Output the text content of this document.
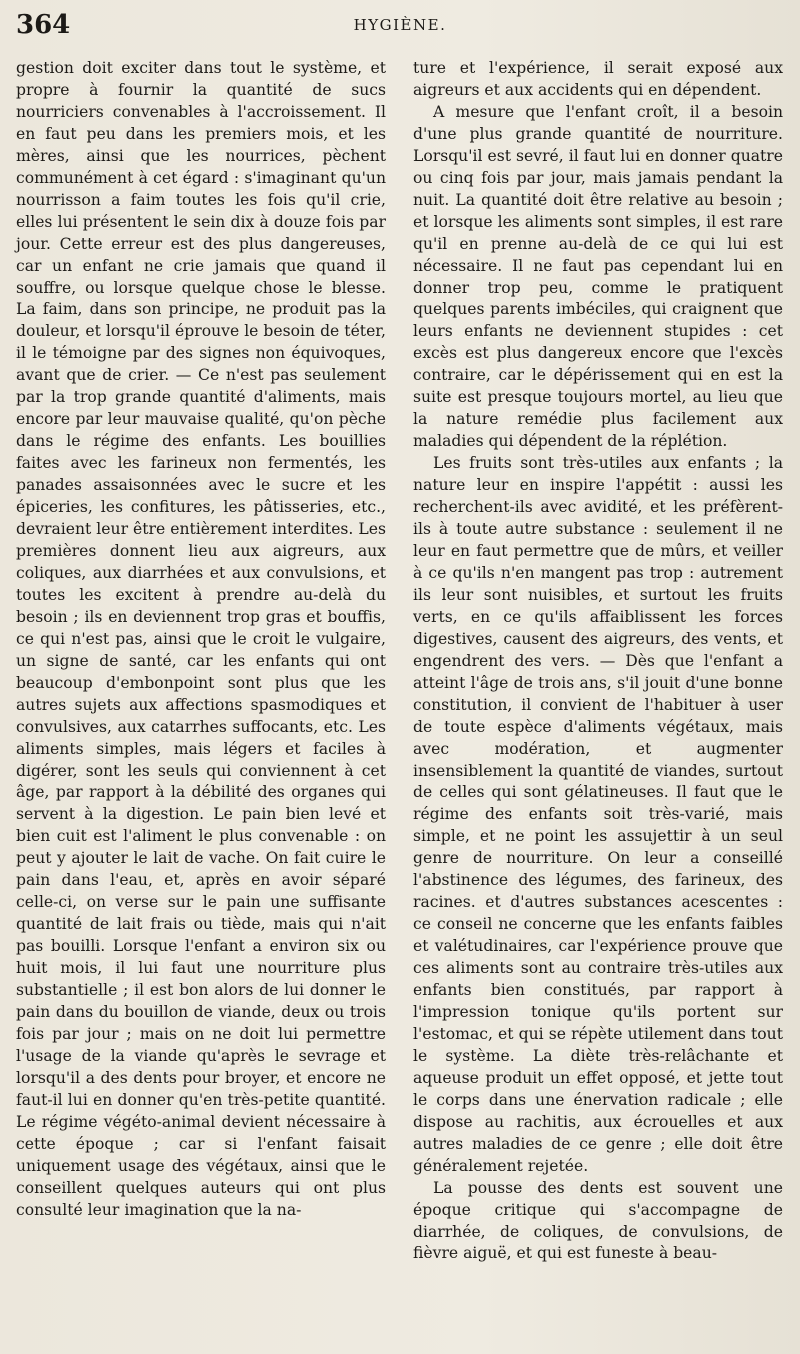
364	HYGIÈNE.

gestion doit exciter dans tout le système, et propre à fournir la quantité de sucs nourriciers convenables à l'accroissement. Il en faut peu dans les premiers mois, et les mères, ainsi que les nourrices, pèchent communément à cet égard : s'imaginant qu'un nourrisson a faim toutes les fois qu'il crie, elles lui présentent le sein dix à douze fois par jour. Cette erreur est des plus dangereuses, car un enfant ne crie jamais que quand il souffre, ou lorsque quelque chose le blesse. La faim, dans son principe, ne produit pas la douleur, et lorsqu'il éprouve le besoin de téter, il le témoigne par des signes non équivoques, avant que de crier. — Ce n'est pas seulement par la trop grande quantité d'aliments, mais encore par leur mauvaise qualité, qu'on pèche dans le régime des enfants. Les bouillies faites avec les farineux non fermentés, les panades assaisonnées avec le sucre et les épiceries, les confitures, les pâtisseries, etc., devraient leur être entièrement interdites. Les premières donnent lieu aux aigreurs, aux coliques, aux diarrhées et aux convulsions, et toutes les excitent à prendre au-delà du besoin ; ils en deviennent trop gras et bouffis, ce qui n'est pas, ainsi que le croit le vulgaire, un signe de santé, car les enfants qui ont beaucoup d'embonpoint sont plus que les autres sujets aux affections spasmodiques et convulsives, aux catarrhes suffocants, etc. Les aliments simples, mais légers et faciles à digérer, sont les seuls qui conviennent à cet âge, par rapport à la débilité des organes qui servent à la digestion. Le pain bien levé et bien cuit est l'aliment le plus convenable : on peut y ajouter le lait de vache. On fait cuire le pain dans l'eau, et, après en avoir séparé celle-ci, on verse sur le pain une suffisante quantité de lait frais ou tiède, mais qui n'ait pas bouilli. Lorsque l'enfant a environ six ou huit mois, il lui faut une nourriture plus substantielle ; il est bon alors de lui donner le pain dans du bouillon de viande, deux ou trois fois par jour ; mais on ne doit lui permettre l'usage de la viande qu'après le sevrage et lorsqu'il a des dents pour broyer, et encore ne faut-il lui en donner qu'en très-petite quantité. Le régime végéto-animal devient nécessaire à cette époque ; car si l'enfant faisait uniquement usage des végétaux, ainsi que le conseillent quelques auteurs qui ont plus consulté leur imagination que la na-

ture et l'expérience, il serait exposé aux aigreurs et aux accidents qui en dépendent.

A mesure que l'enfant croît, il a besoin d'une plus grande quantité de nourriture. Lorsqu'il est sevré, il faut lui en donner quatre ou cinq fois par jour, mais jamais pendant la nuit. La quantité doit être relative au besoin ; et lorsque les aliments sont simples, il est rare qu'il en prenne au-delà de ce qui lui est nécessaire. Il ne faut pas cependant lui en donner trop peu, comme le pratiquent quelques parents imbéciles, qui craignent que leurs enfants ne deviennent stupides : cet excès est plus dangereux encore que l'excès contraire, car le dépérissement qui en est la suite est presque toujours mortel, au lieu que la nature remédie plus facilement aux maladies qui dépendent de la réplétion.

Les fruits sont très-utiles aux enfants ; la nature leur en inspire l'appétit : aussi les recherchent-ils avec avidité, et les préfèrent-ils à toute autre substance : seulement il ne leur en faut permettre que de mûrs, et veiller à ce qu'ils n'en mangent pas trop : autrement ils leur sont nuisibles, et surtout les fruits verts, en ce qu'ils affaiblissent les forces digestives, causent des aigreurs, des vents, et engendrent des vers. — Dès que l'enfant a atteint l'âge de trois ans, s'il jouit d'une bonne constitution, il convient de l'habituer à user de toute espèce d'aliments végétaux, mais avec modération, et augmenter insensiblement la quantité de viandes, surtout de celles qui sont gélatineuses. Il faut que le régime des enfants soit très-varié, mais simple, et ne point les assujettir à un seul genre de nourriture. On leur a conseillé l'abstinence des légumes, des farineux, des racines. et d'autres substances acescentes : ce conseil ne concerne que les enfants faibles et valétudinaires, car l'expérience prouve que ces aliments sont au contraire très-utiles aux enfants bien constitués, par rapport à l'impression tonique qu'ils portent sur l'estomac, et qui se répète utilement dans tout le système. La diète très-relâchante et aqueuse produit un effet opposé, et jette tout le corps dans une énervation radicale ; elle dispose au rachitis, aux écrouelles et aux autres maladies de ce genre ; elle doit être généralement rejetée.

La pousse des dents est souvent une époque critique qui s'accompagne de diarrhée, de coliques, de convulsions, de fièvre aiguë, et qui est funeste à beau-
